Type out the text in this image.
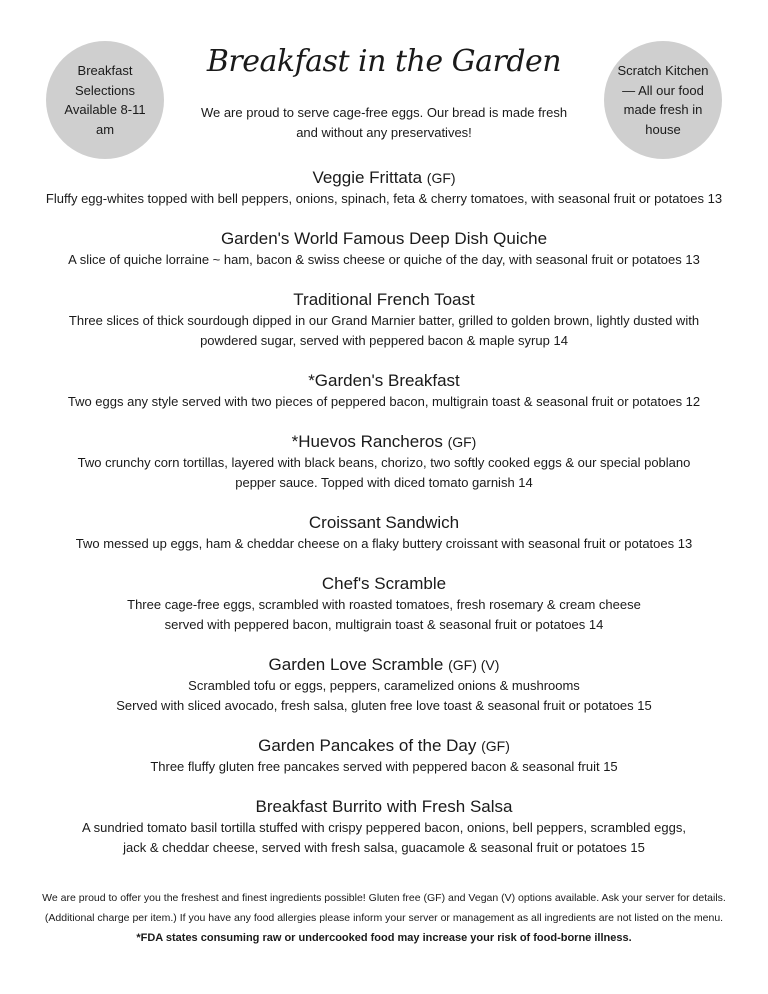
Breakfast Selections Available 8-11 am
Scratch Kitchen — All our food made fresh in house
Breakfast in the Garden
We are proud to serve cage-free eggs. Our bread is made fresh and without any preservatives!
Veggie Frittata (GF)
Fluffy egg-whites topped with bell peppers, onions, spinach, feta & cherry tomatoes, with seasonal fruit or potatoes 13
Garden's World Famous Deep Dish Quiche
A slice of quiche lorraine ~ ham, bacon & swiss cheese or quiche of the day, with seasonal fruit or potatoes 13
Traditional French Toast
Three slices of thick sourdough dipped in our Grand Marnier batter, grilled to golden brown, lightly dusted with
powdered sugar, served with peppered bacon & maple syrup 14
*Garden's Breakfast
Two eggs any style served with two pieces of peppered bacon, multigrain toast & seasonal fruit or potatoes 12
*Huevos Rancheros (GF)
Two crunchy corn tortillas, layered with black beans, chorizo, two softly cooked eggs & our special poblano
pepper sauce. Topped with diced tomato garnish 14
Croissant Sandwich
Two messed up eggs, ham & cheddar cheese on a flaky buttery croissant with seasonal fruit or potatoes 13
Chef's Scramble
Three cage-free eggs, scrambled with roasted tomatoes, fresh rosemary & cream cheese
served with peppered bacon, multigrain toast & seasonal fruit or potatoes 14
Garden Love Scramble (GF) (V)
Scrambled tofu or eggs, peppers, caramelized onions & mushrooms
Served with sliced avocado, fresh salsa, gluten free love toast & seasonal fruit or potatoes 15
Garden Pancakes of the Day (GF)
Three fluffy gluten free pancakes served with peppered bacon & seasonal fruit 15
Breakfast Burrito with Fresh Salsa
A sundried tomato basil tortilla stuffed with crispy peppered bacon, onions, bell peppers, scrambled eggs,
jack & cheddar cheese, served with fresh salsa, guacamole & seasonal fruit or potatoes 15
We are proud to offer you the freshest and finest ingredients possible! Gluten free (GF) and Vegan (V) options available. Ask your server for details.
(Additional charge per item.) If you have any food allergies please inform your server or management as all ingredients are not listed on the menu.
*FDA states consuming raw or undercooked food may increase your risk of food-borne illness.
